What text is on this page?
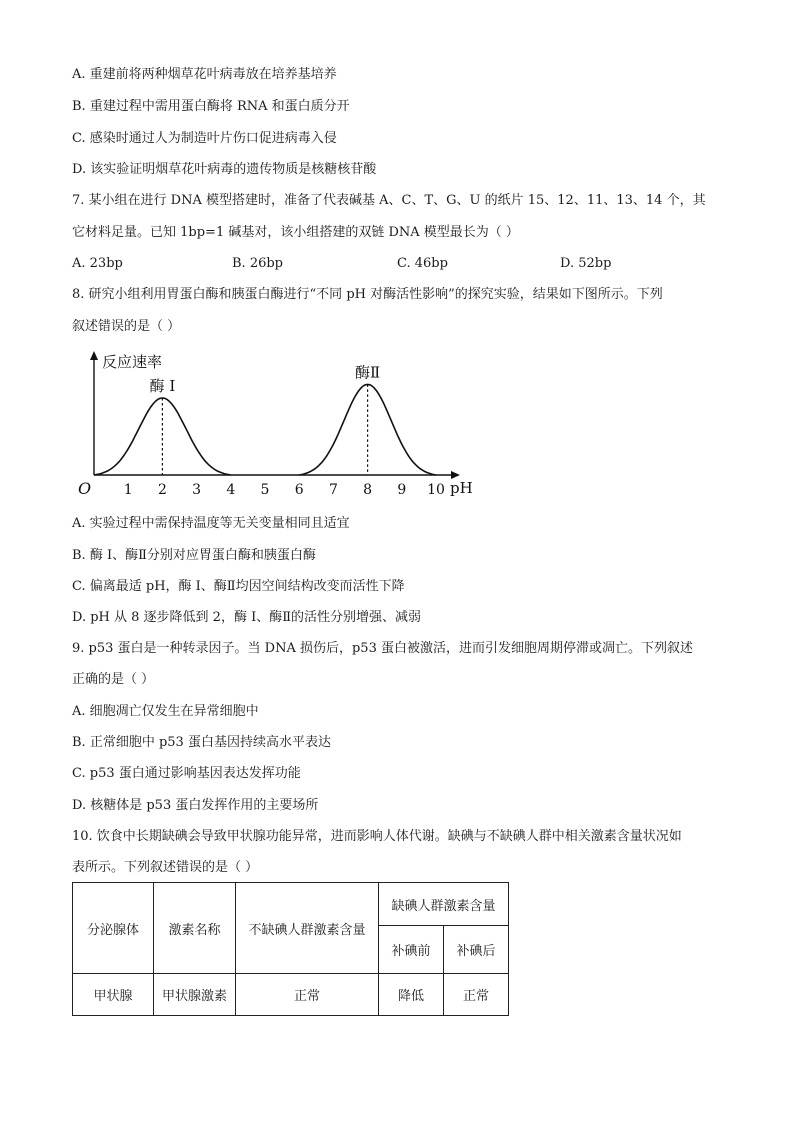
A. 重建前将两种烟草花叶病毒放在培养基培养
B. 重建过程中需用蛋白酶将 RNA 和蛋白质分开
C. 感染时通过人为制造叶片伤口促进病毒入侵
D. 该实验证明烟草花叶病毒的遗传物质是核糖核苷酸
7. 某小组在进行 DNA 模型搭建时，准备了代表碱基 A、C、T、G、U 的纸片 15、12、11、13、14 个，其
它材料足量。已知 1bp=1 碱基对，该小组搭建的双链 DNA 模型最长为（ ）
A. 23bp	B. 26bp	C. 46bp	D. 52bp
8. 研究小组利用胃蛋白酶和胰蛋白酶进行“不同 pH 对酶活性影响”的探究实验，结果如下图所示。下列
叙述错误的是（ ）
反应速率
pH
O 1 2 3 4 5 6 7 8 9 10
酶 I
酶Ⅱ
A. 实验过程中需保持温度等无关变量相同且适宜
B. 酶 I、酶Ⅱ分别对应胃蛋白酶和胰蛋白酶
C. 偏离最适 pH，酶 I、酶Ⅱ均因空间结构改变而活性下降
D. pH 从 8 逐步降低到 2，酶 I、酶Ⅱ的活性分别增强、减弱
9. p53 蛋白是一种转录因子。当 DNA 损伤后，p53 蛋白被激活，进而引发细胞周期停滞或凋亡。下列叙述
正确的是（ ）
A. 细胞凋亡仅发生在异常细胞中
B. 正常细胞中 p53 蛋白基因持续高水平表达
C. p53 蛋白通过影响基因表达发挥功能
D. 核糖体是 p53 蛋白发挥作用的主要场所
10. 饮食中长期缺碘会导致甲状腺功能异常，进而影响人体代谢。缺碘与不缺碘人群中相关激素含量状况如
表所示。下列叙述错误的是（ ）
分泌腺体	激素名称	不缺碘人群激素含量	缺碘人群激素含量	
			补碘前	补碘后
甲状腺	甲状腺激素	正常	降低	正常
